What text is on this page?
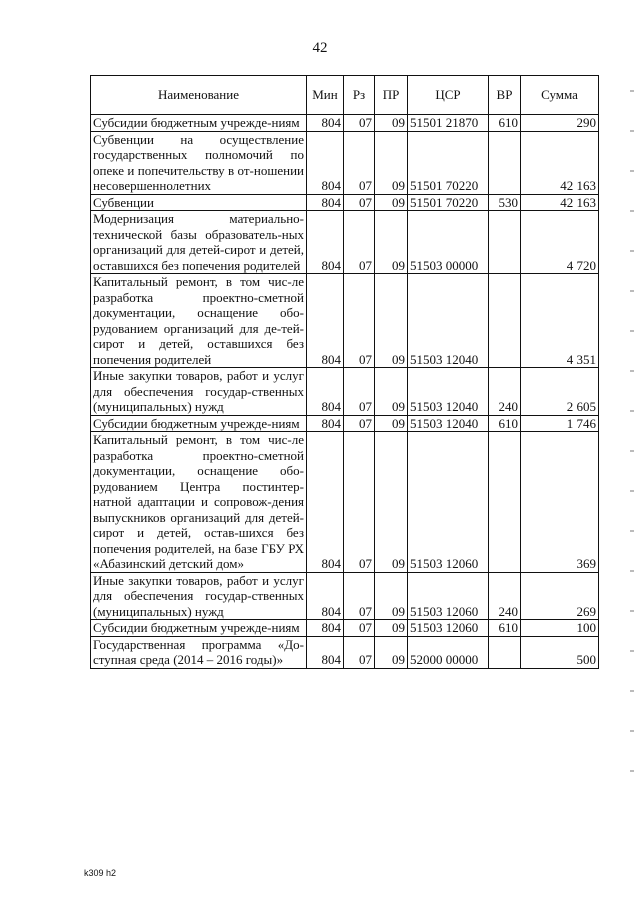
42
Наименование	Мин	Рз	ПР	ЦСР	ВР	Сумма
Субсидии бюджетным учрежде-ниям	804	07	09	51501 21870	610	290
Субвенции на осуществление государственных полномочий по опеке и попечительству в от-ношении несовершеннолетних	804	07	09	51501 70220		42 163
Субвенции	804	07	09	51501 70220	530	42 163
Модернизация материально-технической базы образователь-ных организаций для детей-сирот и детей, оставшихся без попечения родителей	804	07	09	51503 00000		4 720
Капитальный ремонт, в том чис-ле разработка проектно-сметной документации, оснащение обо-рудованием организаций для де-тей-сирот и детей, оставшихся без попечения родителей	804	07	09	51503 12040		4 351
Иные закупки товаров, работ и услуг для обеспечения государ-ственных (муниципальных) нужд	804	07	09	51503 12040	240	2 605
Субсидии бюджетным учрежде-ниям	804	07	09	51503 12040	610	1 746
Капитальный ремонт, в том чис-ле разработка проектно-сметной документации, оснащение обо-рудованием Центра постинтер-натной адаптации и сопровож-дения выпускников организаций для детей-сирот и детей, остав-шихся без попечения родителей, на базе ГБУ РХ «Абазинский детский дом»	804	07	09	51503 12060		369
Иные закупки товаров, работ и услуг для обеспечения государ-ственных (муниципальных) нужд	804	07	09	51503 12060	240	269
Субсидии бюджетным учрежде-ниям	804	07	09	51503 12060	610	100
Государственная программа «До-ступная среда (2014 – 2016 годы)»	804	07	09	52000 00000		500
k309 h2
